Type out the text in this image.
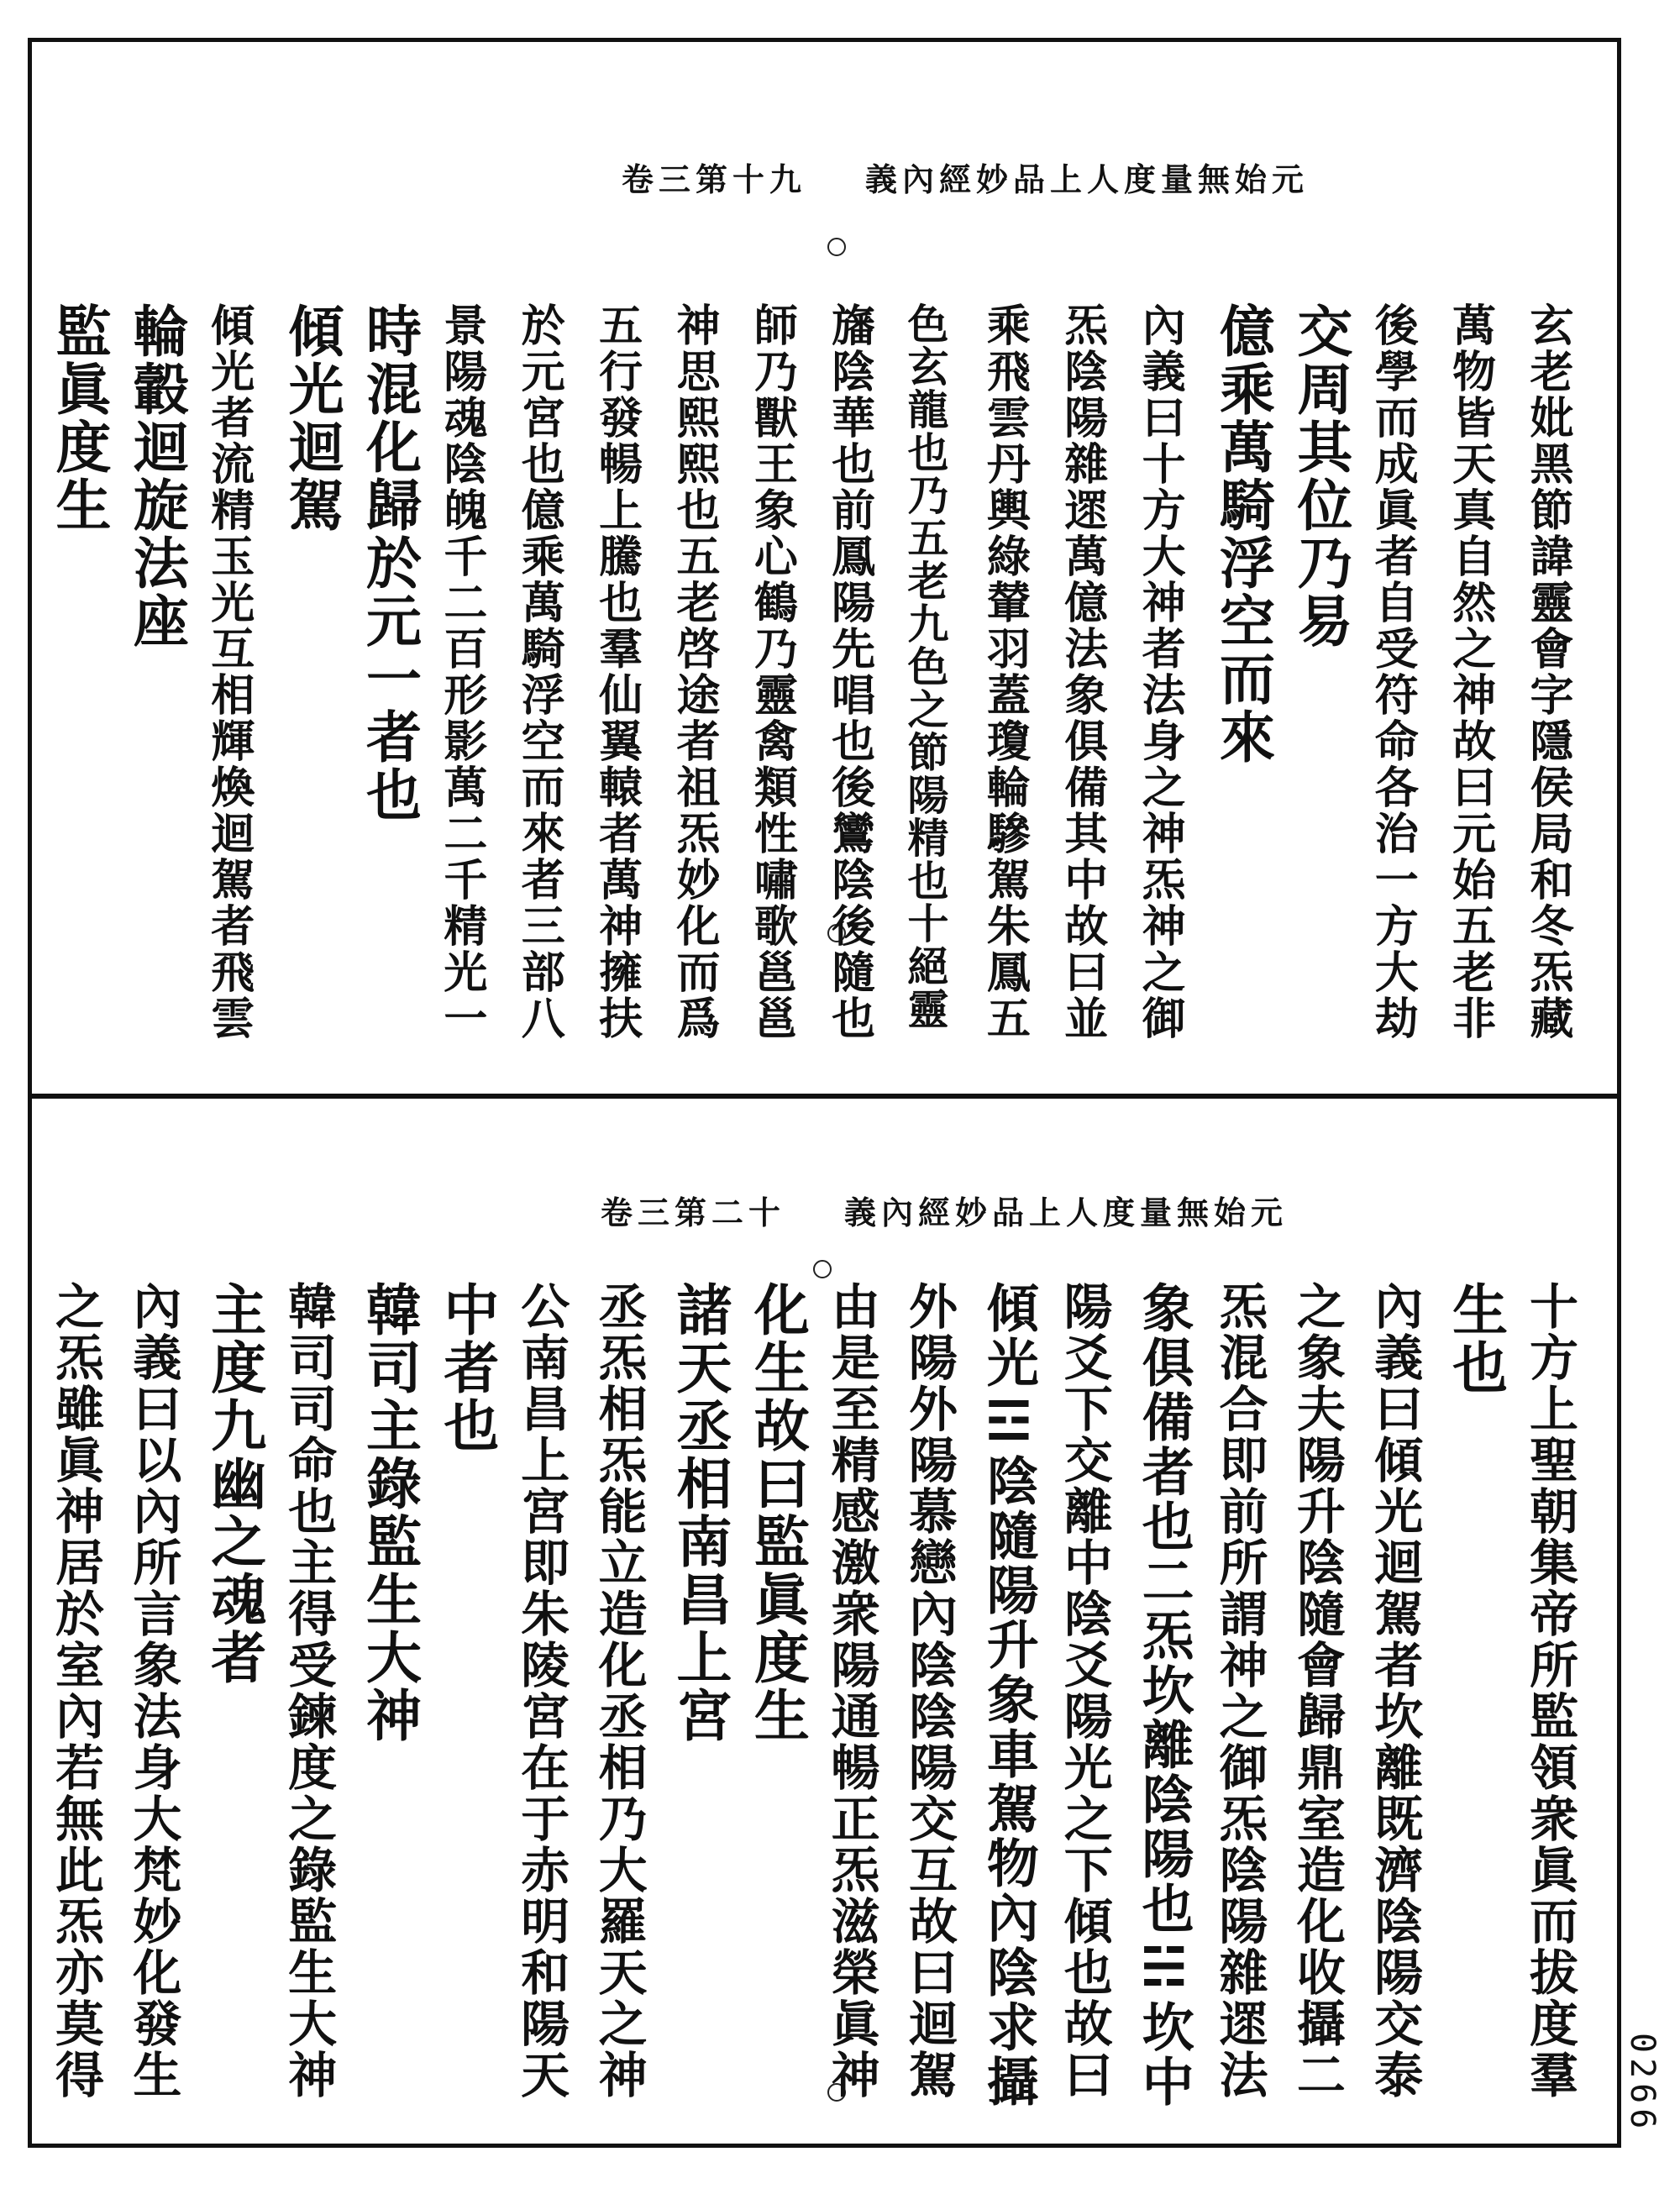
卷三第十九 元始無量度人上品妙經內義
玄老妣黑節諱靈會字隱侯局和冬炁藏
萬物皆天真自然之神故曰元始五老非
後學而成眞者自受符命各治一方大劫
交周其位乃易
億乘萬騎浮空而來
內義曰十方大神者法身之神炁神之御
炁陰陽雜遝萬億法象俱備其中故曰並
乘飛雲丹輿綠輦羽蓋瓊輪驂駕朱鳳五
色玄龍也乃五老九色之節陽精也十絕靈
旛陰華也前鳳陽先唱也後鸞陰後隨也
師乃獸王象心鶴乃靈禽類性嘯歌邕邕
神思熙熙也五老啓途者祖炁妙化而爲
五行發暢上騰也羣仙翼轅者萬神擁扶
於元宮也億乘萬騎浮空而來者三部八
景陽魂陰魄千二百形影萬二千精光一
時混化歸於元一者也
傾光迴駕
傾光者流精玉光互相輝煥迴駕者飛雲
輪轂迴旋法座
監眞度生
卷三第二十 元始無量度人上品妙經內義
十方上聖朝集帝所監領衆眞而拔度羣
生也
內義曰傾光迴駕者坎離既濟陰陽交泰
之象夫陽升陰隨會歸鼎室造化收攝二
炁混合即前所謂神之御炁陰陽雜遝法
象俱備者也二炁坎離陰陽也☵坎中
陽爻下交離中陰爻陽光之下傾也故曰
傾光☲陰隨陽升象車駕物內陰求攝
外陽外陽慕戀內陰陰陽交互故曰迴駕
由是至精感激衆陽通暢正炁滋榮眞神
化生故曰監眞度生
諸天丞相南昌上宮
丞炁相炁能立造化丞相乃大羅天之神
公南昌上宮即朱陵宮在于赤明和陽天
中者也
韓司主錄監生大神
韓司司命也主得受鍊度之錄監生大神
主度九幽之魂者
內義曰以內所言象法身大梵妙化發生
之炁雖眞神居於室內若無此炁亦莫得	0266
